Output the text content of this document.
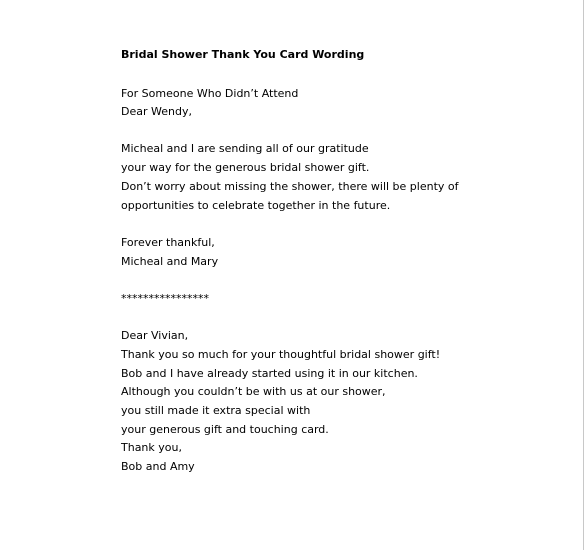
Bridal Shower Thank You Card Wording
For Someone Who Didn’t Attend
Dear Wendy,
Micheal and I are sending all of our gratitude
your way for the generous bridal shower gift.
Don’t worry about missing the shower, there will be plenty of
opportunities to celebrate together in the future.
Forever thankful,
Micheal and Mary
****************
Dear Vivian,
Thank you so much for your thoughtful bridal shower gift!
Bob and I have already started using it in our kitchen.
Although you couldn’t be with us at our shower,
you still made it extra special with
your generous gift and touching card.
Thank you,
Bob and Amy
